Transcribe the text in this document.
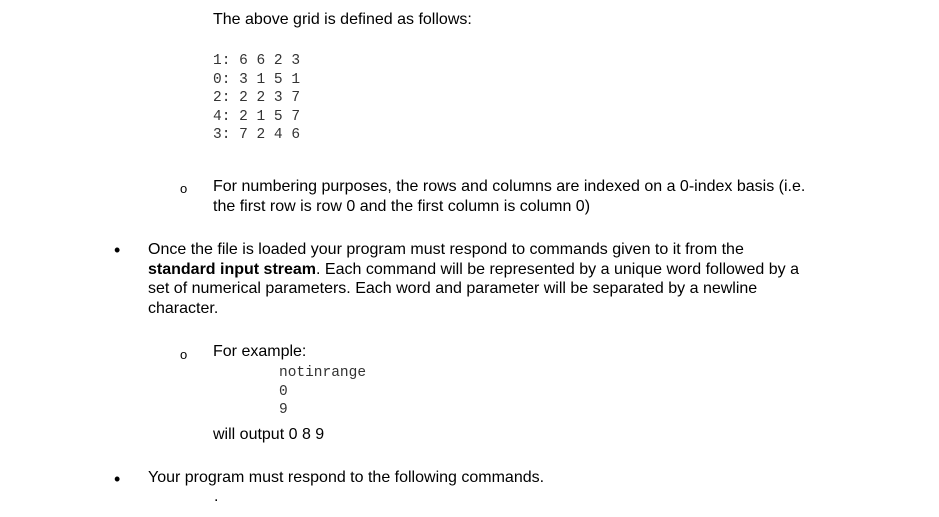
The above grid is defined as follows:
1: 6 6 2 3
0: 3 1 5 1
2: 2 2 3 7
4: 2 1 5 7
3: 7 2 4 6
o For numbering purposes, the rows and columns are indexed on a 0-index basis (i.e.
the first row is row 0 and the first column is column 0)
• Once the file is loaded your program must respond to commands given to it from the
standard input stream. Each command will be represented by a unique word followed by a
set of numerical parameters. Each word and parameter will be separated by a newline
character.
o For example:
notinrange
0
9
will output 0 8 9
• Your program must respond to the following commands.
.
